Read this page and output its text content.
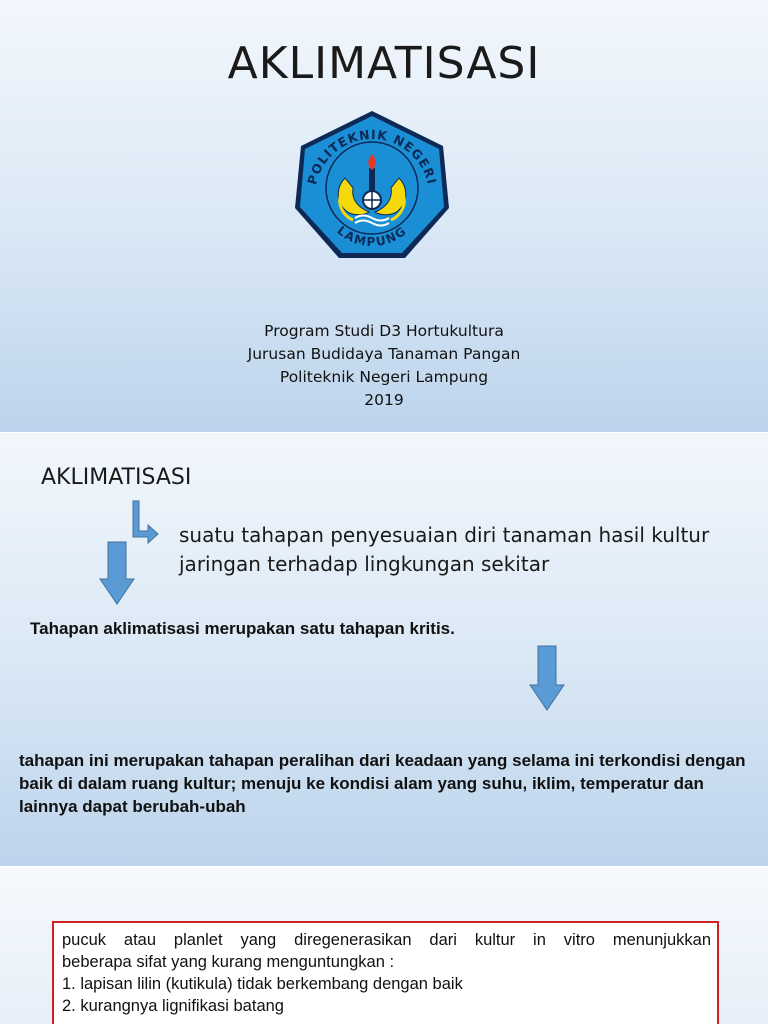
AKLIMATISASI
POLITEKNIK NEGERI
LAMPUNG
Program Studi D3 Hortukultura
Jurusan Budidaya Tanaman Pangan
Politeknik Negeri Lampung
2019
AKLIMATISASI
suatu tahapan penyesuaian diri tanaman hasil kultur jaringan terhadap lingkungan sekitar
Tahapan aklimatisasi merupakan satu tahapan kritis.
tahapan ini merupakan tahapan peralihan dari keadaan yang selama ini terkondisi dengan baik di dalam ruang kultur; menuju ke kondisi alam yang suhu, iklim, temperatur dan lainnya dapat berubah-ubah

pucuk atau planlet yang diregenerasikan dari kultur in vitro menunjukkan

beberapa sifat yang kurang menguntungkan :

1. lapisan lilin (kutikula) tidak berkembang dengan baik

2. kurangnya lignifikasi batang
